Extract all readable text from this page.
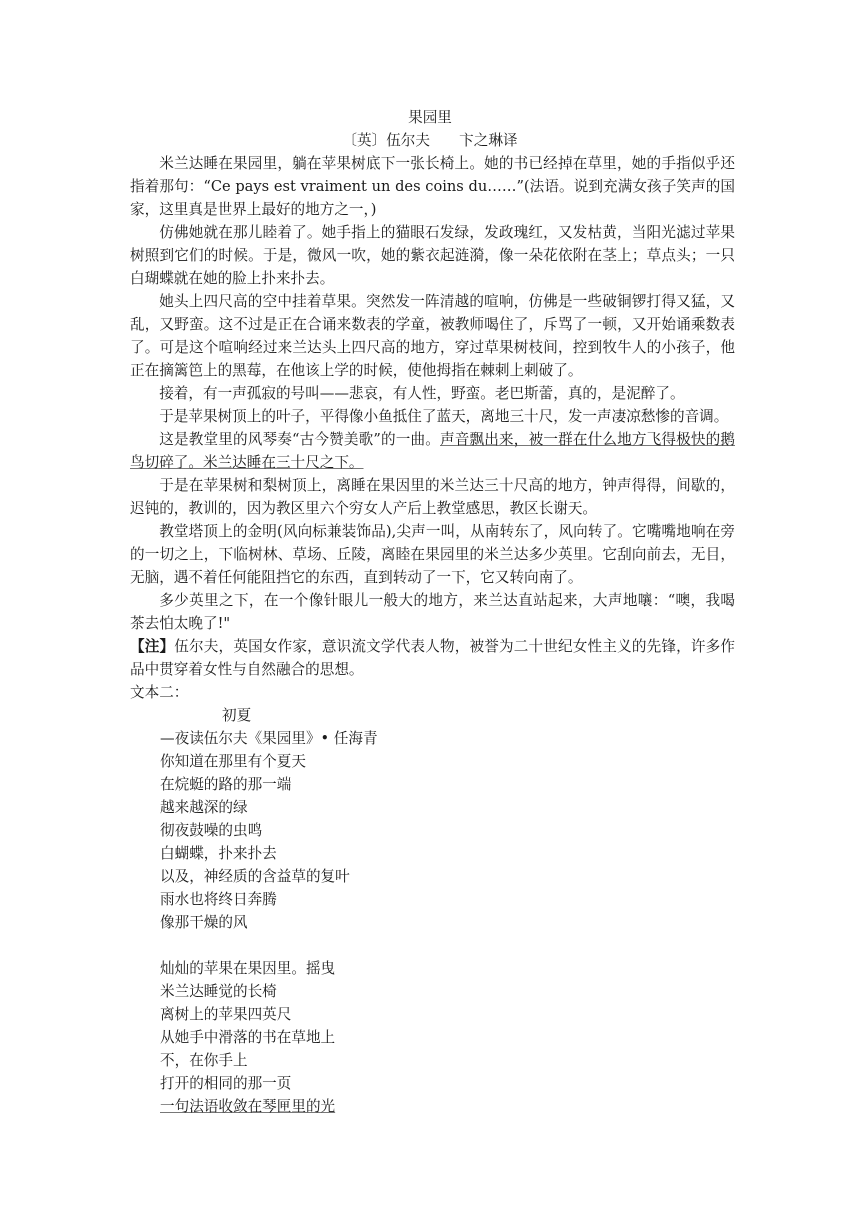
果园里
〔英〕伍尔夫　　卞之琳译

米兰达睡在果园里，躺在苹果树底下一张长椅上。她的书已经掉在草里，她的手指似乎还指着那句：“Ce pays est vraiment un des coins du……”(法语。说到充满女孩子笑声的国家，这里真是世界上最好的地方之一，)

仿佛她就在那儿睦着了。她手指上的猫眼石发绿，发政瑰红，又发枯黄，当阳光滤过苹果树照到它们的时候。于是，微风一吹，她的紫衣起涟漪，像一朵花依附在茎上；草点头；一只白瑚蝶就在她的脸上扑来扑去。

她头上四尺高的空中挂着草果。突然发一阵清越的喧响，仿佛是一些破铜锣打得又猛，又乱，又野蛮。这不过是正在合诵来数表的学童，被教师喝住了，斥骂了一顿，又开始诵乘数表了。可是这个喧响经过来兰达头上四尺高的地方，穿过草果树枝间，控到牧牛人的小孩子，他正在摘篱笆上的黑莓，在他该上学的时候，使他拇指在棘刺上刺破了。

接着，有一声孤寂的号叫——悲哀，有人性，野蛮。老巴斯蕾，真的，是泥醉了。

于是苹果树顶上的叶子，平得像小鱼抵住了蓝天，离地三十尺，发一声凄凉愁惨的音调。

这是教堂里的风琴奏“古今赞美歌”的一曲。声音飘出来，被一群在什么地方飞得极快的鹅鸟切碎了。米兰达睡在三十尺之下。

于是在苹果树和梨树顶上，离睡在果因里的米兰达三十尺高的地方，钟声得得，间歇的，迟钝的，教训的，因为教区里六个穷女人产后上教堂感思，教区长谢天。

教堂塔顶上的金明(风向标兼装饰品),尖声一叫，从南转东了，风向转了。它嘴嘴地响在旁的一切之上，下临树林、草场、丘陵，离睦在果园里的米兰达多少英里。它刮向前去，无目，无脑，遇不着任何能阻挡它的东西，直到转动了一下，它又转向南了。

多少英里之下，在一个像针眼儿一般大的地方，来兰达直站起来，大声地嚷：“噢，我喝茶去怕太晚了!"

【注】伍尔夫，英国女作家，意识流文学代表人物，被誉为二十世纪女性主义的先锋，许多作品中贯穿着女性与自然融合的思想。

文本二：

初夏

—夜读伍尔夫《果园里》• 任海青

你知道在那里有个夏天

在烷蜓的路的那一端

越来越深的绿

彻夜鼓噪的虫鸣

白蝴蝶，扑来扑去

以及，神经质的含益草的复叶

雨水也将终日奔腾

像那干燥的风

灿灿的苹果在果因里。摇曳

米兰达睡觉的长椅

离树上的苹果四英尺

从她手中滑落的书在草地上

不，在你手上

打开的相同的那一页

一句法语收敛在琴匣里的光
